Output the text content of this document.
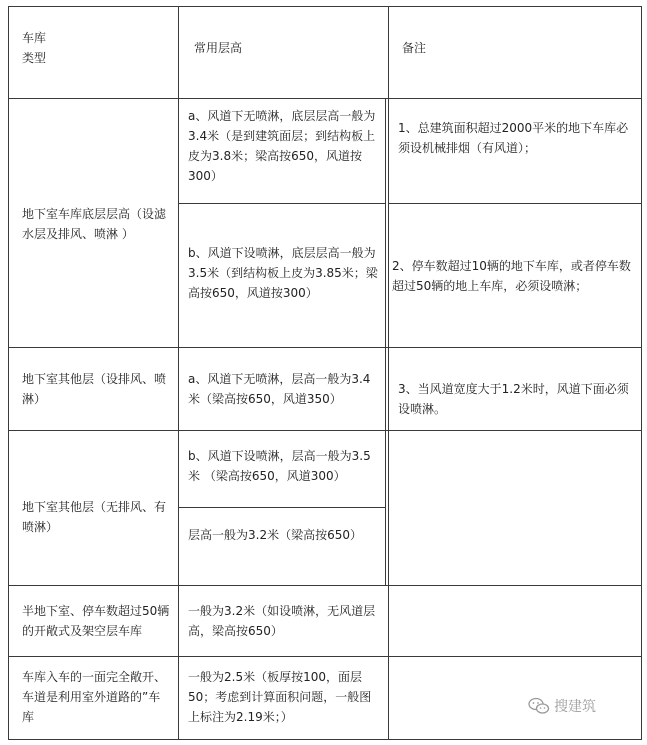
车库
类型
常用层高	备注
地下室车库底层层高（设滤水层及排风、喷淋 ）
a、风道下无喷淋，底层层高一般为3.4米（是到建筑面层；到结构板上皮为3.8米；梁高按650，风道按300）
b、风道下设喷淋，底层层高一般为3.5米（到结构板上皮为3.85米；梁高按650，风道按300）
1、总建筑面积超过2000平米的地下车库必须设机械排烟（有风道）；
2、停车数超过10辆的地下车库，或者停车数超过50辆的地上车库，必须设喷淋；
地下室其他层（设排风、喷淋）
a、风道下无喷淋，层高一般为3.4米（梁高按650，风道350）
3、当风道宽度大于1.2米时，风道下面必须设喷淋。
地下室其他层（无排风、有喷淋）
b、风道下设喷淋，层高一般为3.5米 （梁高按650，风道300）
层高一般为3.2米（梁高按650）
半地下室、停车数超过50辆的开敞式及架空层车库
一般为3.2米（如设喷淋，无风道层高，梁高按650）
车库入车的一面完全敞开、车道是利用室外道路的”车库
一般为2.5米（板厚按100，面层50；考虑到计算面积问题，一般图上标注为2.19米；）
搜建筑
